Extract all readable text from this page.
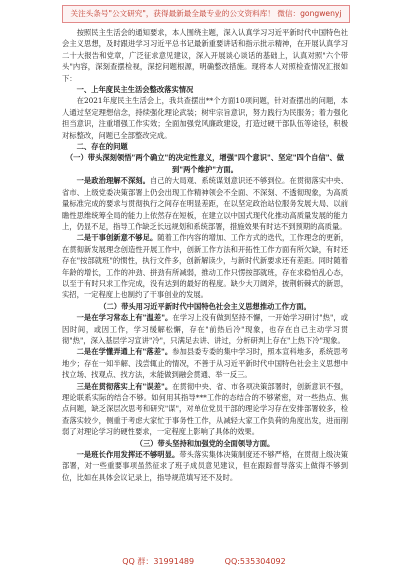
关注头条号"公文研究"，获得最新最全最专业的公文资料库！ 微信：gongwenyj

按照民主生活会的通知要求，本人围绕主题，深入认真学习习近平新时代中国特色社会主义思想，及时跟进学习习近平总书记最新重要讲话和指示批示精神，在开展认真学习二十大报告和党章，广泛征求意见建议，深入开展谈心谈话的基础上，认真对照"六个带头"内容，深刻查摆检视，深挖问题根源，明确整改措施。现将本人对照检查情况汇报如下：

一、上年度民主生活会整改落实情况

在2021年度民主生活会上，我共查摆出**个方面10项问题，针对查摆出的问题，本人通过坚定理想信念，持续强化理论武装；树牢宗旨意识，努力践行为民服务；着力强化担当意识，注重增强工作实效；全面加强党风廉政建设，打造过硬干部队伍等途径，积极对标整改，问题已全部整改完成。

二、存在的问题

（一）带头深刻领悟"两个确立"的决定性意义，增强"四个意识"、坚定"四个自信"、做到"两个维护"方面。

一是政治理解不深刻。自己的大局观、系统谋划意识还不够到位。在贯彻落实中央、省市、上级党委决策部署上仍会出现工作精神领会不全面、不深刻、不透彻现象，为高质量标准完成的要求与贯彻执行之间存在明显差距，在以坚定政治站位服务发展大局、以前瞻性思维统筹全局的能力上依然存在短板，在建立以中国式现代化推动高质量发展的能力上，仍显不足，指导工作缺乏长远规划和系统部署，措施效果有时达不到预期的高质量。

二是干事创新意不够足。随着工作内容的增加、工作方式的迭代，工作理念的更新，在贯彻新发展理念创造性开展工作中，创新工作方法和开拓性工作方面有所欠缺，有时还存在"按部就班"的惯性，执行文件多，创新解读少，与新时代新要求还有差距。同时随着年龄的增长，工作的冲劲、拼劲有所减弱，推动工作只愣按部就班，存在求稳怕乱心态，以至于有时只求工作完成，没有达到的最好的程度。缺少大刀阔斧，披荆斩棘式的新思，实招，一定程度上也制约了干事创业的发展。

（二）带头用习近平新时代中国特色社会主义思想推动工作方面。

一是在学习常态上有"温差"。在学习上没有做到坚持不懈，一开始学习研讨"热"，或因时间，或因工作，学习缓解松懈，存在"前热后冷"现象，也存在自己主动学习贯彻"热"，深入基层学习宣讲"冷"，只满足去讲、讲过，分析研判上存在"上热下冷"现象。

二是在学懂弄通上有"落差"。参加县委专委的集中学习时，照本宣科地多，系统思考地少；存在一知半解、浅尝辄止的情况，不善于从习近平新时代中国特色社会主义思想中找立场、找观点、找方法，未能做到融会贯通、举一反三。

三是在贯彻落实上有"误差"。在贯彻中央、省、市各项决策部署时，创新意识不强，理论联系实际的结合不够。如何用其指导***工作的态结合的不够紧密，对一些热点、焦点问题，缺乏深层次思考和研究"谋"，对单位党员干部的理论学习存在安排部署较多，检查落实较少，侧重于考虑大家忙于事务性工作，从减轻大家工作负荷的角度出发，进而削弱了对理论学习的硬性要求，一定程度上影响了具体的效果。

（三）带头坚持和加强党的全面领导方面。

一是班长作用发挥还不够明显。带头落实集体决策制度还不够严格，在贯彻上级决策部署，对一些重要事项虽然征求了班子成员意见建议，但在跟踪督导落实上做得不够到位，比如在具体会议记录上，指导规范填写还不及时。

QQ 群：31991489	QQ:535304092
